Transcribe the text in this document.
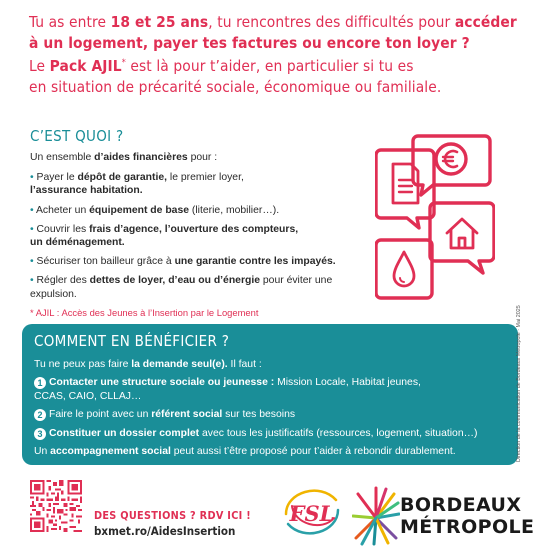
Tu as entre 18 et 25 ans, tu rencontres des difficultés pour accéder
à un logement, payer tes factures ou encore ton loyer ?
Le Pack AJIL* est là pour t’aider, en particulier si tu es
en situation de précarité sociale, économique ou familiale.
C’EST QUOI ?
Un ensemble d’aides financières pour :
• Payer le dépôt de garantie, le premier loyer,
l’assurance habitation.
• Acheter un équipement de base (literie, mobilier…).
• Couvrir les frais d’agence, l’ouverture des compteurs,
un déménagement.
• Sécuriser ton bailleur grâce à une garantie contre les impayés.
• Régler des dettes de loyer, d’eau ou d’énergie pour éviter une expulsion.
* AJIL : Accès des Jeunes à l’Insertion par le Logement
COMMENT EN BÉNÉFICIER ?
Tu ne peux pas faire la demande seul(e). Il faut :
1 Contacter une structure sociale ou jeunesse : Mission Locale, Habitat jeunes,
CCAS, CAIO, CLLAJ…
2 Faire le point avec un référent social sur tes besoins
3 Constituer un dossier complet avec tous les justificatifs (ressources, logement, situation…)
Un accompagnement social peut aussi t’être proposé pour t’aider à rebondir durablement.	Direction de la communication de Bordeaux Métropole · Mai 2025
DES QUESTIONS ? RDV ICI !
bxmet.ro/AidesInsertion
FSL	BORDEAUX
MÉTROPOLE
